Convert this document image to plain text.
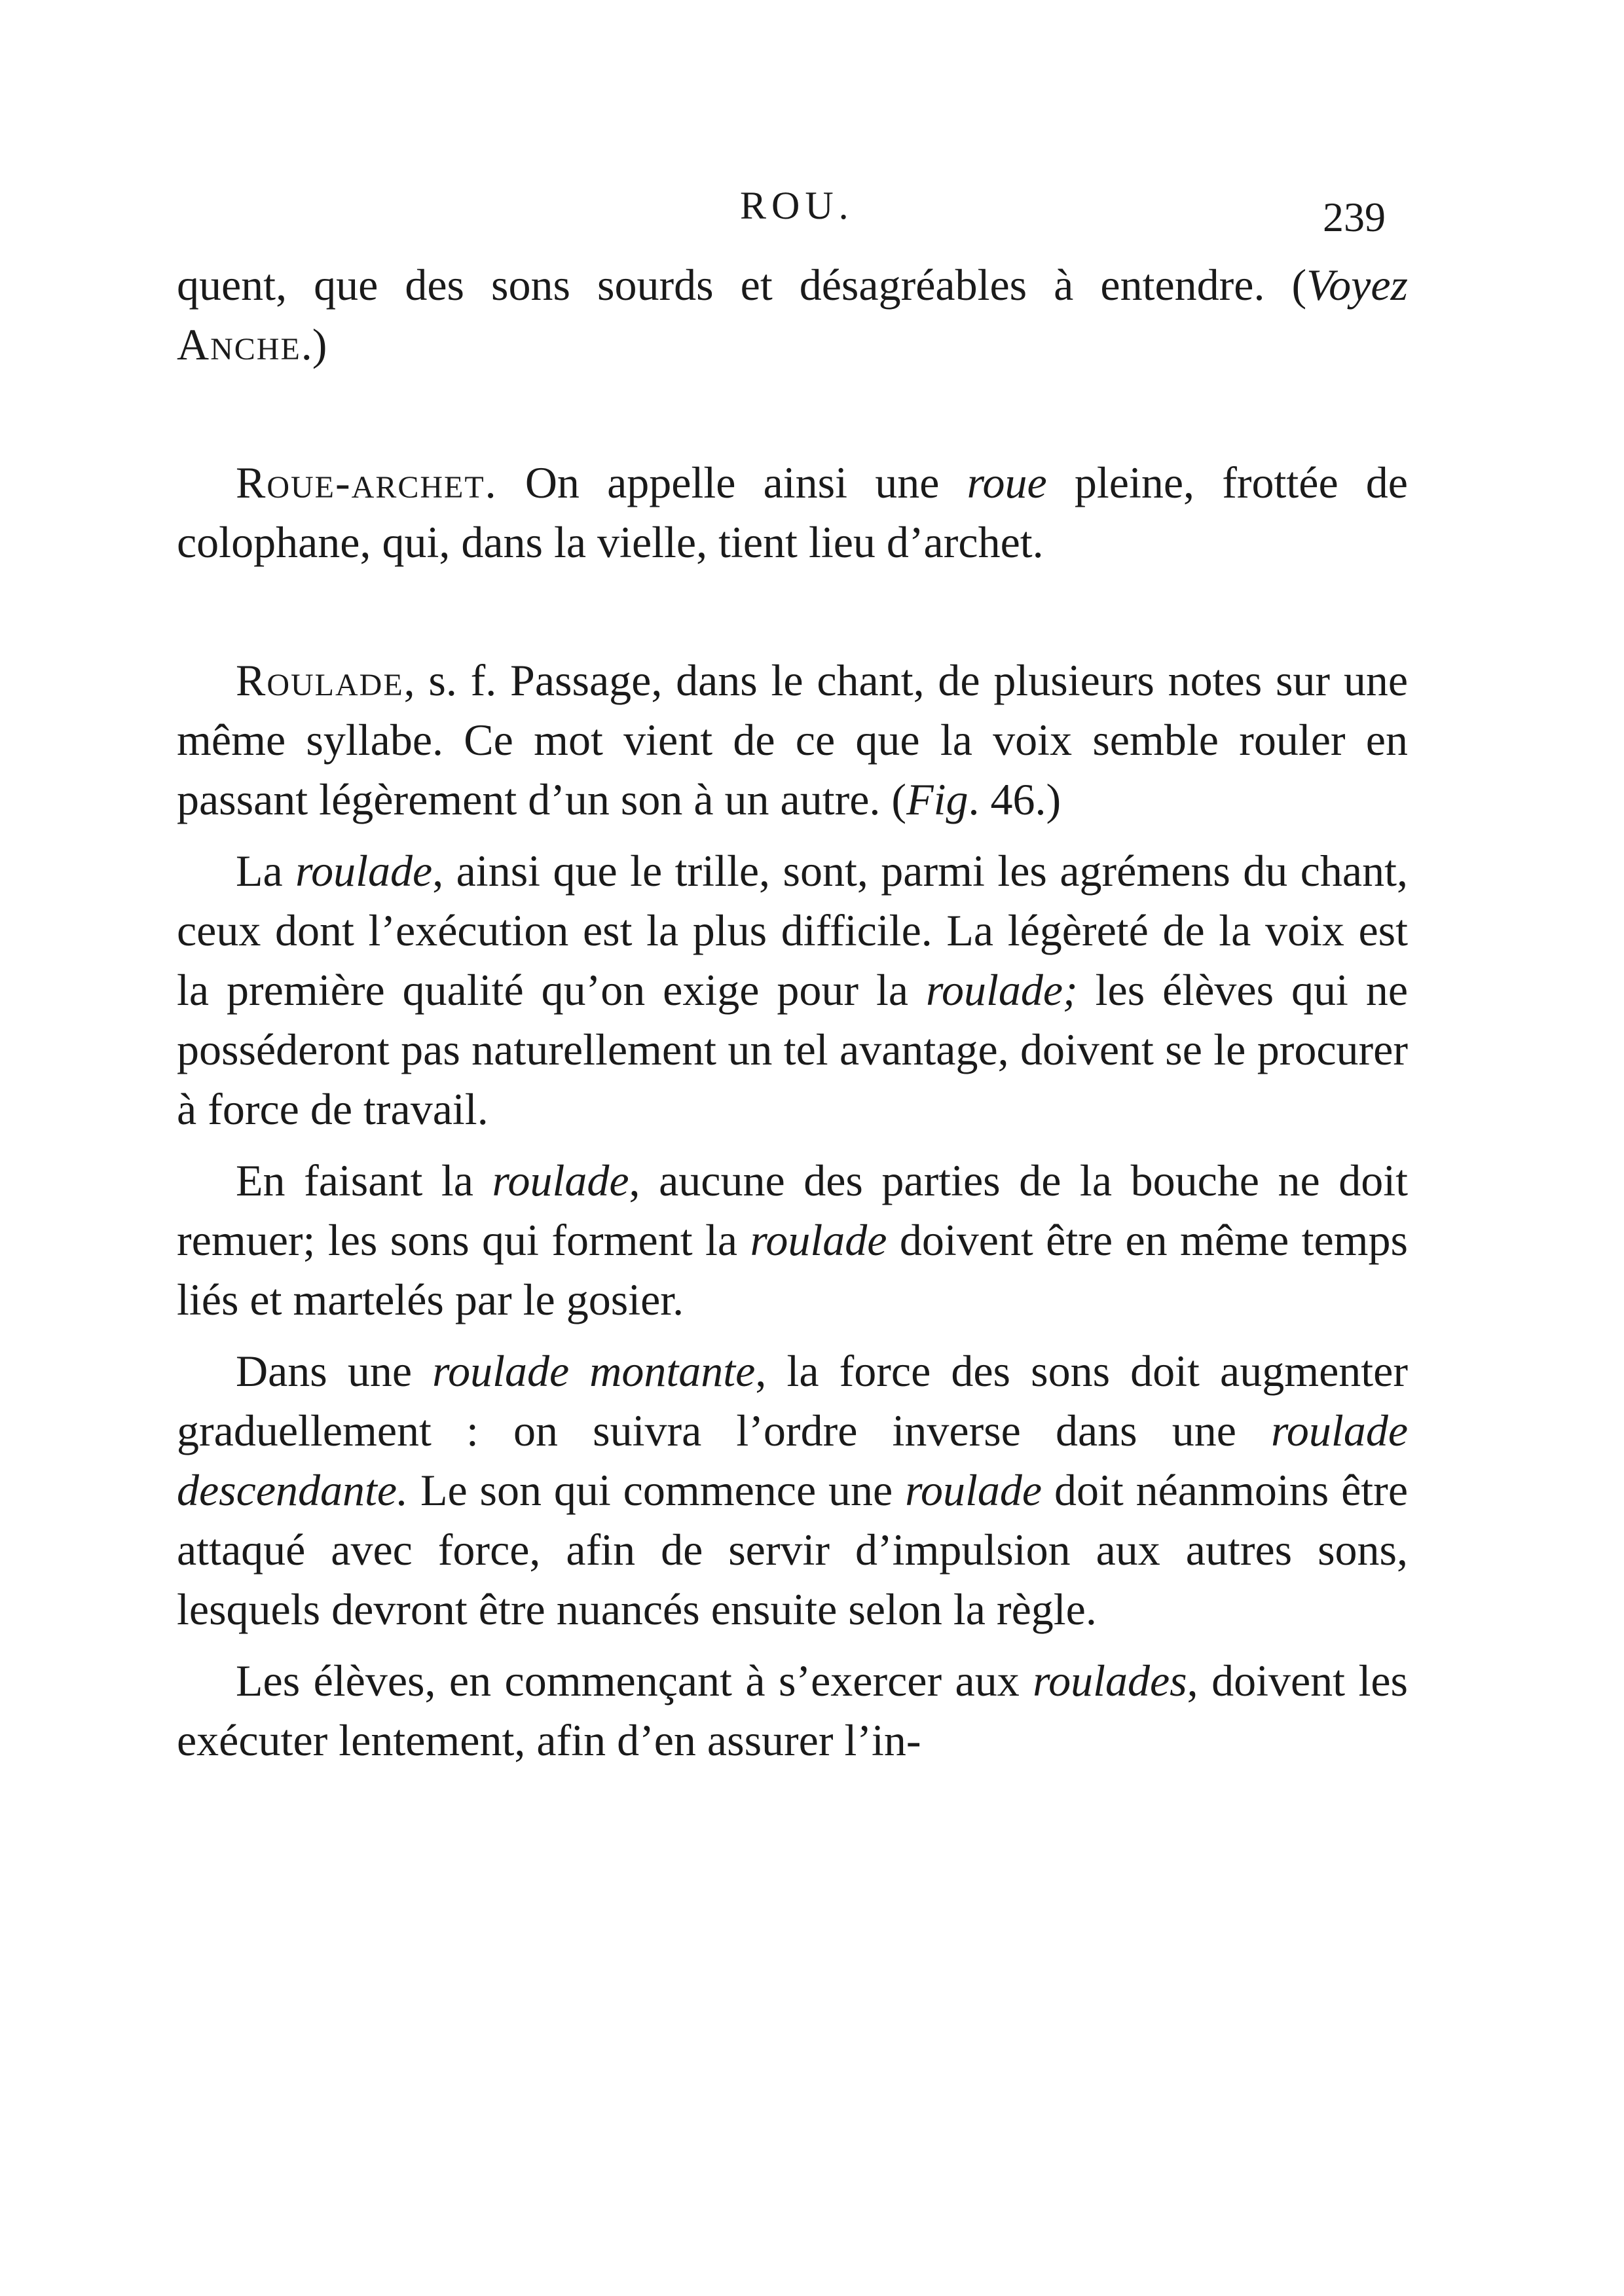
ROU.	239

quent, que des sons sourds et désagréables à entendre. (Voyez Anche.)

Roue-archet. On appelle ainsi une roue pleine, frottée de colophane, qui, dans la vielle, tient lieu d’archet.

Roulade, s. f. Passage, dans le chant, de plusieurs notes sur une même syllabe. Ce mot vient de ce que la voix semble rouler en passant légèrement d’un son à un autre. (Fig. 46.)

La roulade, ainsi que le trille, sont, parmi les agrémens du chant, ceux dont l’exécution est la plus difficile. La légèreté de la voix est la première qualité qu’on exige pour la roulade; les élèves qui ne posséderont pas naturellement un tel avantage, doivent se le procurer à force de travail.

En faisant la roulade, aucune des parties de la bouche ne doit remuer; les sons qui forment la roulade doivent être en même temps liés et martelés par le gosier.

Dans une roulade montante, la force des sons doit augmenter graduellement : on suivra l’ordre inverse dans une roulade descendante. Le son qui commence une roulade doit néanmoins être attaqué avec force, afin de servir d’impulsion aux autres sons, lesquels devront être nuancés ensuite selon la règle.

Les élèves, en commençant à s’exercer aux roulades, doivent les exécuter lentement, afin d’en assurer l’in-
